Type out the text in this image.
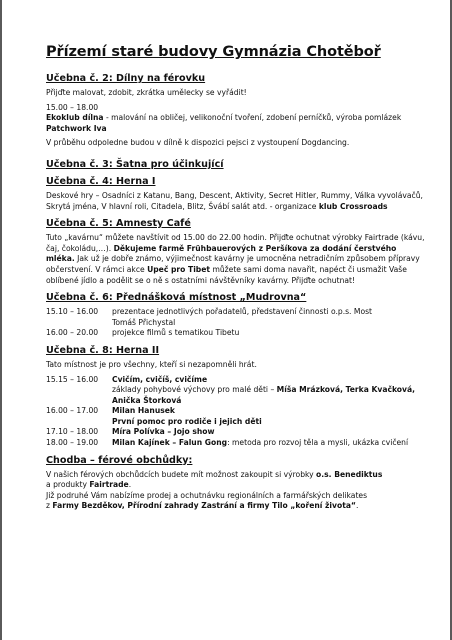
Přízemí staré budovy Gymnázia Chotěboř
Učebna č. 2: Dílny na férovku
Přijďte malovat, zdobit, zkrátka umělecky se vyřádit!
15.00 – 18.00
Ekoklub dílna - malování na obličej, velikonoční tvoření, zdobení perníčků, výroba pomlázek
Patchwork Iva
V průběhu odpoledne budou v dílně k dispozici pejsci z vystoupení Dogdancing.
Učebna č. 3: Šatna pro účinkující
Učebna č. 4: Herna I
Deskové hry – Osadníci z Katanu, Bang, Descent, Aktivity, Secret Hitler, Rummy, Válka vyvolávačů, Skrytá jména, V hlavní roli, Citadela, Blitz, Švábí salát atd. - organizace klub Crossroads
Učebna č. 5: Amnesty Café
Tuto „kavárnu“ můžete navštívit od 15.00 do 22.00 hodin. Přijďte ochutnat výrobky Fairtrade (kávu, čaj, čokoládu,…). Děkujeme farmě Frühbauerových z Peršíkova za dodání čerstvého mléka. Jak už je dobře známo, výjimečnost kavárny je umocněna netradičním způsobem přípravy občerstvení. V rámci akce Upeč pro Tibet můžete sami doma navařit, napéct či usmažit Vaše oblíbené jídlo a podělit se o ně s ostatními návštěvníky kavárny. Přijďte ochutnat!
Učebna č. 6: Přednášková místnost „Mudrovna“
15.10 – 16.00	prezentace jednotlivých pořadatelů, představení činnosti o.p.s. Most
Tomáš Přichystal
16.00 – 20.00	projekce filmů s tematikou Tibetu
Učebna č. 8: Herna II
Tato místnost je pro všechny, kteří si nezapomněli hrát.
15.15 – 16.00	Cvičím, cvičíš, cvičíme
základy pohybové výchovy pro malé děti – Míša Mrázková, Terka Kvačková, Anička Štorková
16.00 – 17.00	Milan Hanusek
První pomoc pro rodiče i jejich děti
17.10 – 18.00	Míra Polívka – Jojo show
18.00 – 19.00	Milan Kajínek – Falun Gong: metoda pro rozvoj těla a mysli, ukázka cvičení
Chodba – férové obchůdky:
V našich férových obchůdcích budete mít možnost zakoupit si výrobky o.s. Benediktus
a produkty Fairtrade.
Již podruhé Vám nabízíme prodej a ochutnávku regionálních a farmářských delikates
z Farmy Bezděkov, Přírodní zahrady Zastrání a firmy Tilo „koření života“.
